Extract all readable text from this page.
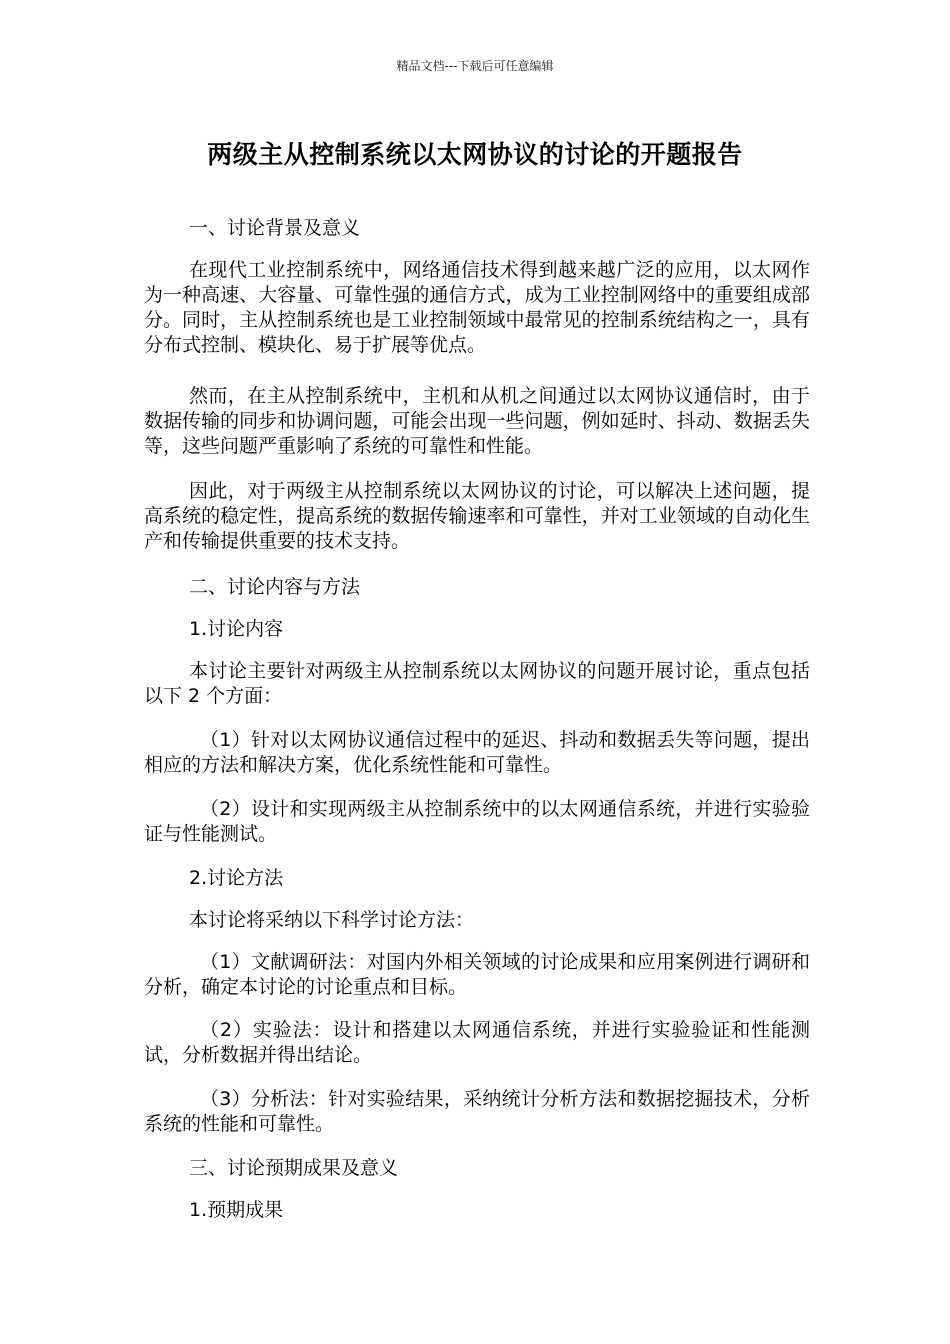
精品文档---下载后可任意编辑
两级主从控制系统以太网协议的讨论的开题报告

一、讨论背景及意义

在现代工业控制系统中，网络通信技术得到越来越广泛的应用，以太网作为一种高速、大容量、可靠性强的通信方式，成为工业控制网络中的重要组成部分。同时，主从控制系统也是工业控制领域中最常见的控制系统结构之一，具有分布式控制、模块化、易于扩展等优点。

然而，在主从控制系统中，主机和从机之间通过以太网协议通信时，由于数据传输的同步和协调问题，可能会出现一些问题，例如延时、抖动、数据丢失等，这些问题严重影响了系统的可靠性和性能。

因此，对于两级主从控制系统以太网协议的讨论，可以解决上述问题，提高系统的稳定性，提高系统的数据传输速率和可靠性，并对工业领域的自动化生产和传输提供重要的技术支持。

二、讨论内容与方法

1.讨论内容

本讨论主要针对两级主从控制系统以太网协议的问题开展讨论，重点包括以下 2 个方面：

（1）针对以太网协议通信过程中的延迟、抖动和数据丢失等问题，提出相应的方法和解决方案，优化系统性能和可靠性。

（2）设计和实现两级主从控制系统中的以太网通信系统，并进行实验验证与性能测试。

2.讨论方法

本讨论将采纳以下科学讨论方法：

（1）文献调研法：对国内外相关领域的讨论成果和应用案例进行调研和分析，确定本讨论的讨论重点和目标。

（2）实验法：设计和搭建以太网通信系统，并进行实验验证和性能测试，分析数据并得出结论。

（3）分析法：针对实验结果，采纳统计分析方法和数据挖掘技术，分析系统的性能和可靠性。

三、讨论预期成果及意义

1.预期成果
